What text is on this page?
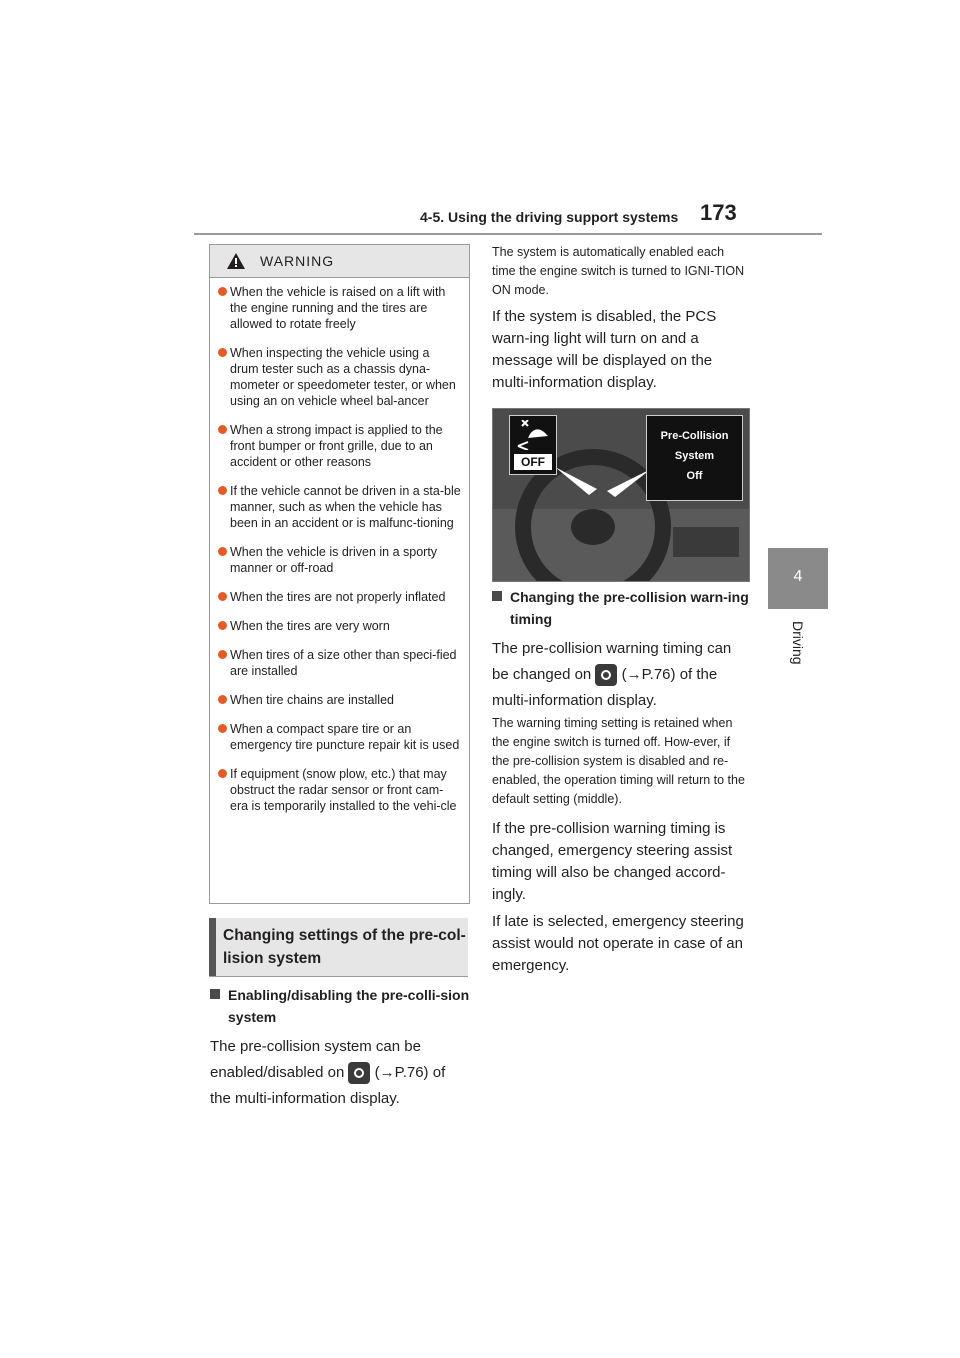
4-5. Using the driving support systems 173
4
Driving
WARNING
When the vehicle is raised on a lift with the engine running and the tires are allowed to rotate freely
When inspecting the vehicle using a drum tester such as a chassis dyna-mometer or speedometer tester, or when using an on vehicle wheel bal-ancer
When a strong impact is applied to the front bumper or front grille, due to an accident or other reasons
If the vehicle cannot be driven in a sta-ble manner, such as when the vehicle has been in an accident or is malfunc-tioning
When the vehicle is driven in a sporty manner or off-road
When the tires are not properly inflated
When the tires are very worn
When tires of a size other than speci-fied are installed
When tire chains are installed
When a compact spare tire or an emergency tire puncture repair kit is used
If equipment (snow plow, etc.) that may obstruct the radar sensor or front cam-era is temporarily installed to the vehi-cle
Changing settings of the pre-col-lision system
Enabling/disabling the pre-colli-sion system
The pre-collision system can be enabled/disabled on (→P.76) of the multi-information display.
The system is automatically enabled each time the engine switch is turned to IGNI-TION ON mode.
If the system is disabled, the PCS warn-ing light will turn on and a message will be displayed on the multi-information display.
OFF
Pre-Collision
System
Off
Changing the pre-collision warn-ing timing
The pre-collision warning timing can be changed on (→P.76) of the multi-information display.
The warning timing setting is retained when the engine switch is turned off. How-ever, if the pre-collision system is disabled and re-enabled, the operation timing will return to the default setting (middle).
If the pre-collision warning timing is changed, emergency steering assist timing will also be changed accord-ingly.
If late is selected, emergency steering assist would not operate in case of an emergency.
